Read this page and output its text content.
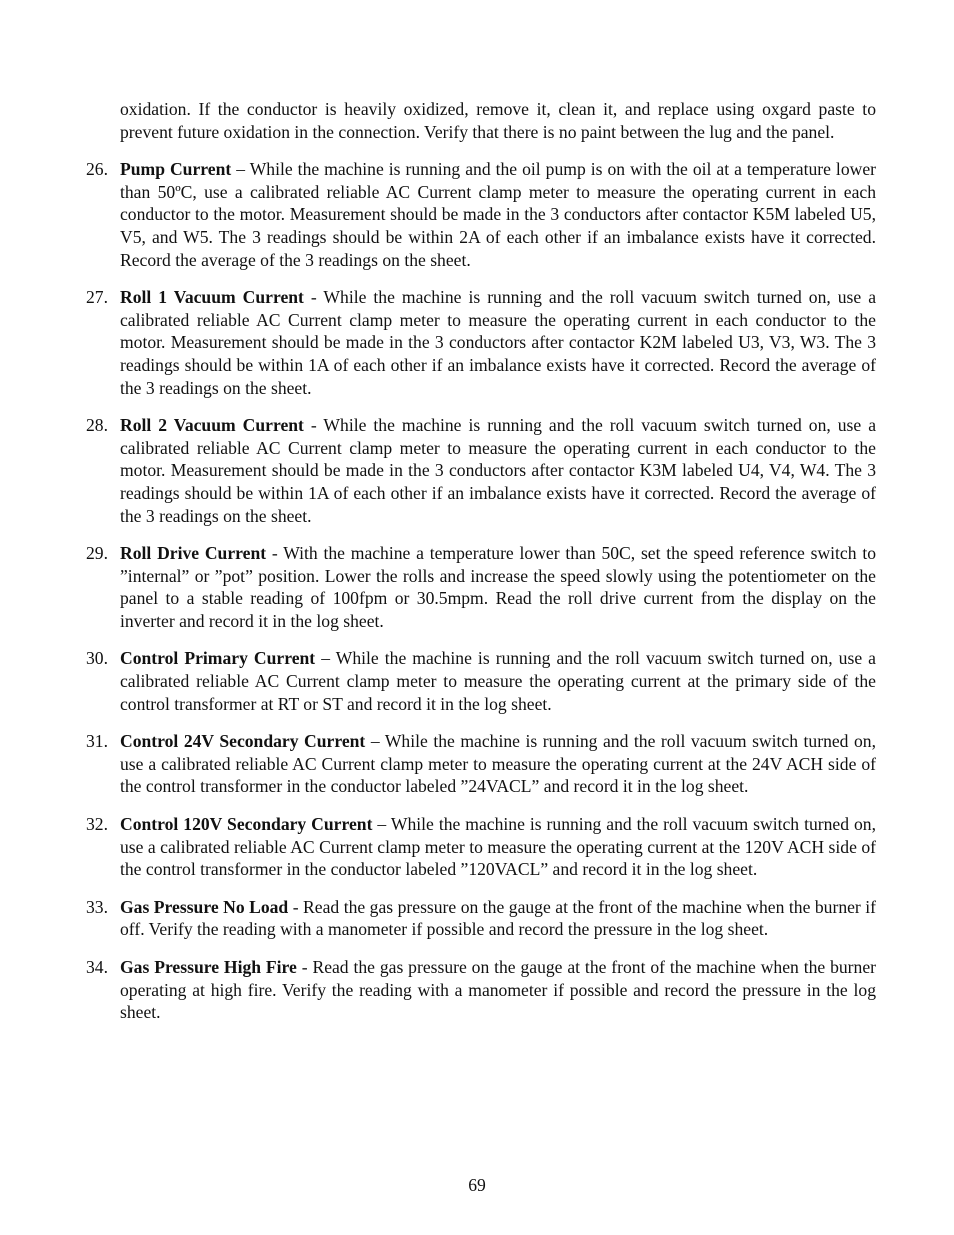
oxidation. If the conductor is heavily oxidized, remove it, clean it, and replace using oxgard paste to prevent future oxidation in the connection. Verify that there is no paint between the lug and the panel.

26. Pump Current – While the machine is running and the oil pump is on with the oil at a temperature lower than 50ºC, use a calibrated reliable AC Current clamp meter to measure the operating current in each conductor to the motor. Measurement should be made in the 3 conductors after contactor K5M labeled U5, V5, and W5. The 3 readings should be within 2A of each other if an imbalance exists have it corrected. Record the average of the 3 readings on the sheet.

27. Roll 1 Vacuum Current - While the machine is running and the roll vacuum switch turned on, use a calibrated reliable AC Current clamp meter to measure the operating current in each conductor to the motor. Measurement should be made in the 3 conductors after contactor K2M labeled U3, V3, W3. The 3 readings should be within 1A of each other if an imbalance exists have it corrected. Record the average of the 3 readings on the sheet.

28. Roll 2 Vacuum Current - While the machine is running and the roll vacuum switch turned on, use a calibrated reliable AC Current clamp meter to measure the operating current in each conductor to the motor. Measurement should be made in the 3 conductors after contactor K3M labeled U4, V4, W4. The 3 readings should be within 1A of each other if an imbalance exists have it corrected. Record the average of the 3 readings on the sheet.

29. Roll Drive Current - With the machine a temperature lower than 50C, set the speed reference switch to ”internal” or ”pot” position. Lower the rolls and increase the speed slowly using the potentiometer on the panel to a stable reading of 100fpm or 30.5mpm. Read the roll drive current from the display on the inverter and record it in the log sheet.

30. Control Primary Current – While the machine is running and the roll vacuum switch turned on, use a calibrated reliable AC Current clamp meter to measure the operating current at the primary side of the control transformer at RT or ST and record it in the log sheet.

31. Control 24V Secondary Current – While the machine is running and the roll vacuum switch turned on, use a calibrated reliable AC Current clamp meter to measure the operating current at the 24V ACH side of the control transformer in the conductor labeled ”24VACL” and record it in the log sheet.

32. Control 120V Secondary Current – While the machine is running and the roll vacuum switch turned on, use a calibrated reliable AC Current clamp meter to measure the operating current at the 120V ACH side of the control transformer in the conductor labeled ”120VACL” and record it in the log sheet.

33. Gas Pressure No Load - Read the gas pressure on the gauge at the front of the machine when the burner if off. Verify the reading with a manometer if possible and record the pressure in the log sheet.

34. Gas Pressure High Fire - Read the gas pressure on the gauge at the front of the machine when the burner operating at high fire. Verify the reading with a manometer if possible and record the pressure in the log sheet.

69
